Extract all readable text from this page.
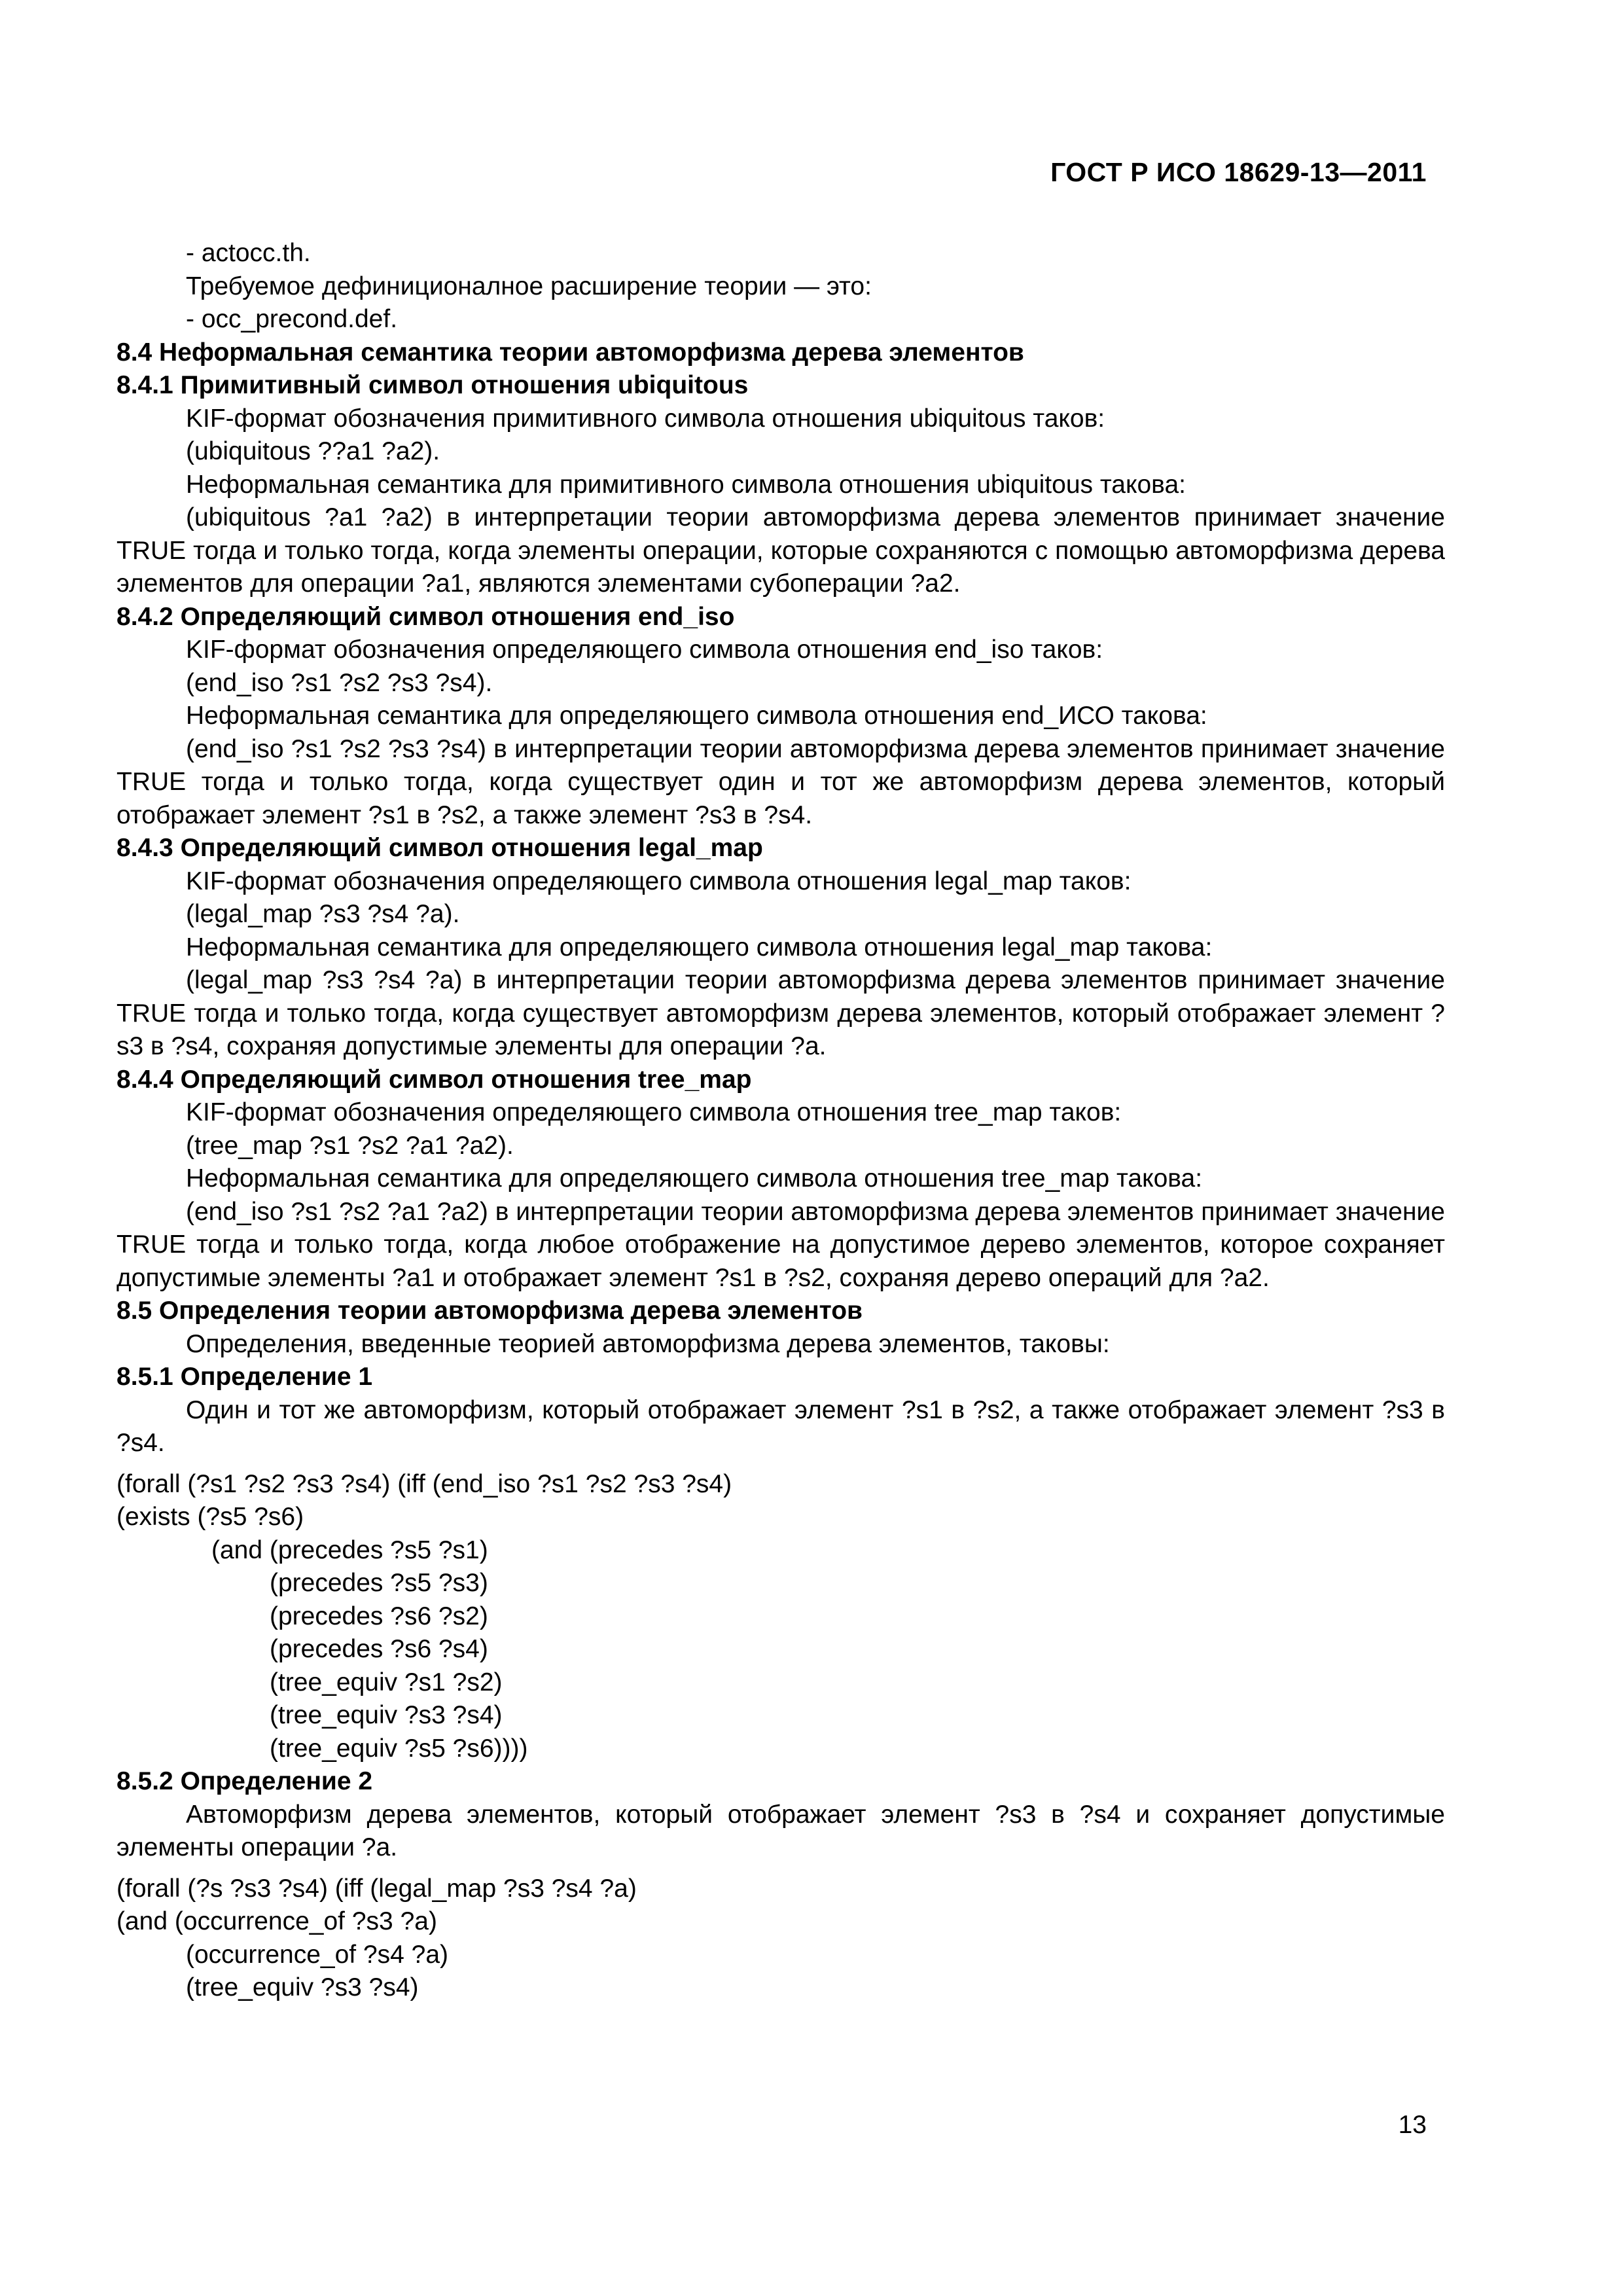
ГОСТ Р ИСО 18629-13—2011

- actocc.th.

Требуемое дефиниционалное расширение теории — это:

- occ_precond.def.

8.4 Неформальная семантика теории автоморфизма дерева элементов

8.4.1 Примитивный символ отношения ubiquitous

KIF-формат обозначения примитивного символа отношения ubiquitous таков:

(ubiquitous ??a1 ?a2).

Неформальная семантика для примитивного символа отношения ubiquitous такова:

(ubiquitous ?a1 ?a2) в интерпретации теории автоморфизма дерева элементов принимает значение TRUE тогда и только тогда, когда элементы операции, которые сохраняются с помощью автоморфизма дерева элементов для операции ?a1, являются элементами субоперации ?a2.

8.4.2 Определяющий символ отношения end_iso

KIF-формат обозначения определяющего символа отношения end_iso таков:

(end_iso ?s1 ?s2 ?s3 ?s4).

Неформальная семантика для определяющего символа отношения end_ИСО такова:

(end_iso ?s1 ?s2 ?s3 ?s4) в интерпретации теории автоморфизма дерева элементов принимает значение TRUE тогда и только тогда, когда существует один и тот же автоморфизм дерева элементов, который отображает элемент ?s1 в ?s2, а также элемент ?s3 в ?s4.

8.4.3 Определяющий символ отношения legal_map

KIF-формат обозначения определяющего символа отношения legal_map таков:

(legal_map ?s3 ?s4 ?a).

Неформальная семантика для определяющего символа отношения legal_map такова:

(legal_map ?s3 ?s4 ?a) в интерпретации теории автоморфизма дерева элементов принимает значение TRUE тогда и только тогда, когда существует автоморфизм дерева элементов, который отображает элемент ?s3 в ?s4, сохраняя допустимые элементы для операции ?a.

8.4.4 Определяющий символ отношения tree_map

KIF-формат обозначения определяющего символа отношения tree_map таков:

(tree_map ?s1 ?s2 ?a1 ?a2).

Неформальная семантика для определяющего символа отношения tree_map такова:

(end_iso ?s1 ?s2 ?a1 ?a2) в интерпретации теории автоморфизма дерева элементов принимает значение TRUE тогда и только тогда, когда любое отображение на допустимое дерево элементов, которое сохраняет допустимые элементы ?a1 и отображает элемент ?s1 в ?s2, сохраняя дерево операций для ?a2.

8.5 Определения теории автоморфизма дерева элементов

Определения, введенные теорией автоморфизма дерева элементов, таковы:

8.5.1 Определение 1

Один и тот же автоморфизм, который отображает элемент ?s1 в ?s2, а также отображает элемент ?s3 в ?s4.

(forall (?s1 ?s2 ?s3 ?s4) (iff (end_iso ?s1 ?s2 ?s3 ?s4)

(exists (?s5 ?s6)

(and (precedes ?s5 ?s1)

(precedes ?s5 ?s3)

(precedes ?s6 ?s2)

(precedes ?s6 ?s4)

(tree_equiv ?s1 ?s2)

(tree_equiv ?s3 ?s4)

(tree_equiv ?s5 ?s6))))

8.5.2 Определение 2

Автоморфизм дерева элементов, который отображает элемент ?s3 в ?s4 и сохраняет допустимые элементы операции ?a.

(forall (?s ?s3 ?s4) (iff (legal_map ?s3 ?s4 ?a)

(and (occurrence_of ?s3 ?a)

(occurrence_of ?s4 ?a)

(tree_equiv ?s3 ?s4)

13
